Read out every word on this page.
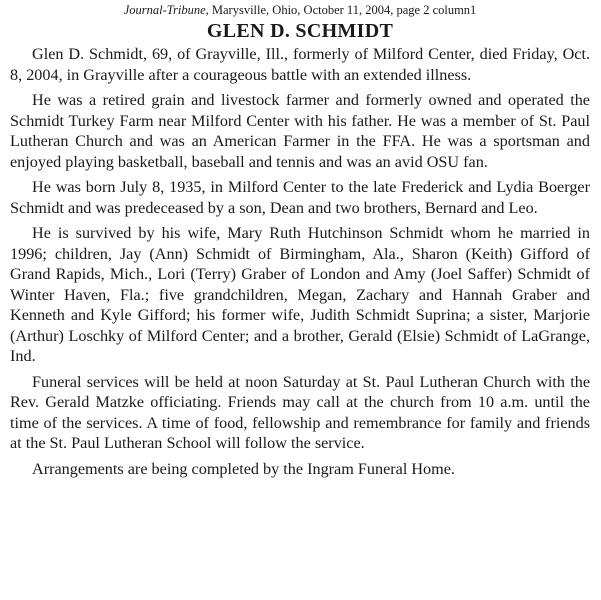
Journal-Tribune, Marysville, Ohio, October 11, 2004, page 2 column1

GLEN D. SCHMIDT

Glen D. Schmidt, 69, of Grayville, Ill., formerly of Milford Center, died Friday, Oct. 8, 2004, in Grayville after a courageous battle with an extended illness.

He was a retired grain and livestock farmer and formerly owned and operated the Schmidt Turkey Farm near Milford Center with his father. He was a member of St. Paul Lutheran Church and was an American Farmer in the FFA. He was a sportsman and enjoyed playing basketball, baseball and tennis and was an avid OSU fan.

He was born July 8, 1935, in Milford Center to the late Frederick and Lydia Boerger Schmidt and was predeceased by a son, Dean and two brothers, Bernard and Leo.

He is survived by his wife, Mary Ruth Hutchinson Schmidt whom he married in 1996; children, Jay (Ann) Schmidt of Birmingham, Ala., Sharon (Keith) Gifford of Grand Rapids, Mich., Lori (Terry) Graber of London and Amy (Joel Saffer) Schmidt of Winter Haven, Fla.; five grandchildren, Megan, Zachary and Hannah Graber and Kenneth and Kyle Gifford; his former wife, Judith Schmidt Suprina; a sister, Marjorie (Arthur) Loschky of Milford Center; and a brother, Gerald (Elsie) Schmidt of LaGrange, Ind.

Funeral services will be held at noon Saturday at St. Paul Lutheran Church with the Rev. Gerald Matzke officiating. Friends may call at the church from 10 a.m. until the time of the services. A time of food, fellowship and remembrance for family and friends at the St. Paul Lutheran School will follow the service.

Arrangements are being completed by the Ingram Funeral Home.
